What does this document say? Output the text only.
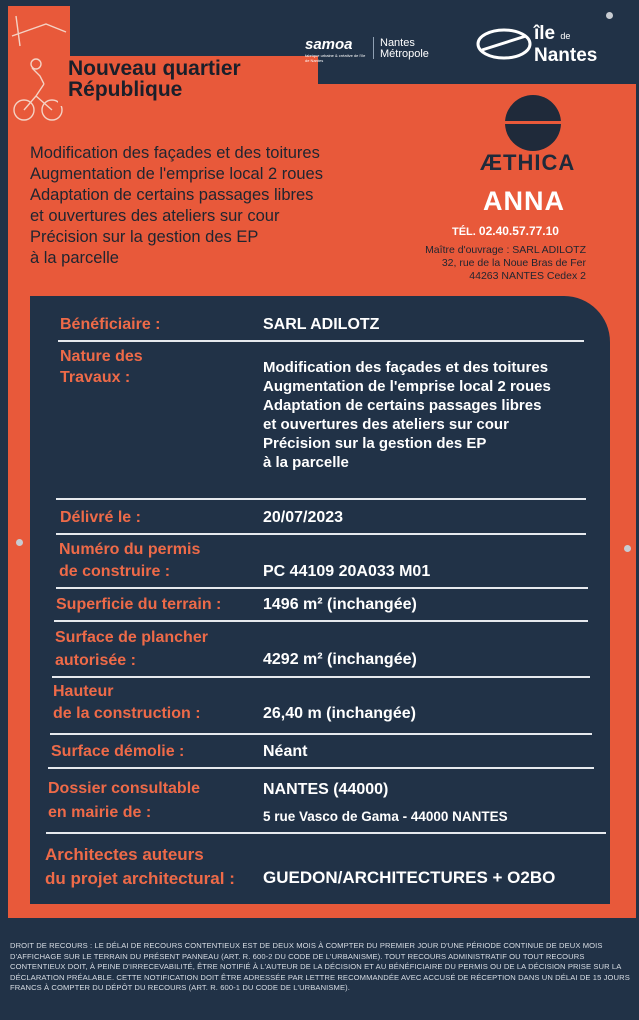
Nouveau quartier
République
samoa
fabrique urbaine & créative de l'île de Nantes
Nantes Métropole
île de
Nantes
Modification des façades et des toitures
Augmentation de l'emprise local 2 roues
Adaptation de certains passages libres
et ouvertures des ateliers sur cour
Précision sur la gestion des EP
à la parcelle
ÆTHICA
ANNA
TÉL. 02.40.57.77.10
Maître d'ouvrage : SARL ADILOTZ
32, rue de la Noue Bras de Fer
44263 NANTES Cedex 2
Bénéficiaire :	SARL ADILOTZ
Nature des
Travaux :
Modification des façades et des toitures
Augmentation de l'emprise local 2 roues
Adaptation de certains passages libres
et ouvertures des ateliers sur cour
Précision sur la gestion des EP
à la parcelle
Délivré le :	20/07/2023
Numéro du permis
de construire :	PC 44109 20A033 M01
Superficie du terrain :	1496 m² (inchangée)
Surface de plancher
autorisée :	4292 m² (inchangée)
Hauteur
de la construction :	26,40 m (inchangée)
Surface démolie :	Néant
Dossier consultable
en mairie de :
NANTES (44000)
5 rue Vasco de Gama - 44000 NANTES
Architectes auteurs
du projet architectural : GUEDON/ARCHITECTURES + O2BO
DROIT DE RECOURS : LE DÉLAI DE RECOURS CONTENTIEUX EST DE DEUX MOIS À COMPTER DU PREMIER JOUR D'UNE PÉRIODE CONTINUE DE DEUX MOIS D'AFFICHAGE SUR LE TERRAIN DU PRÉSENT PANNEAU (ART. R. 600-2 DU CODE DE L'URBANISME). TOUT RECOURS ADMINISTRATIF OU TOUT RECOURS CONTENTIEUX DOIT, À PEINE D'IRRECEVABILITÉ, ÊTRE NOTIFIÉ À L'AUTEUR DE LA DÉCISION ET AU BÉNÉFICIAIRE DU PERMIS OU DE LA DÉCISION PRISE SUR LA DÉCLARATION PRÉALABLE. CETTE NOTIFICATION DOIT ÊTRE ADRESSÉE PAR LETTRE RECOMMANDÉE AVEC ACCUSÉ DE RÉCEPTION DANS UN DÉLAI DE 15 JOURS FRANCS À COMPTER DU DÉPÔT DU RECOURS (ART. R. 600-1 DU CODE DE L'URBANISME).
